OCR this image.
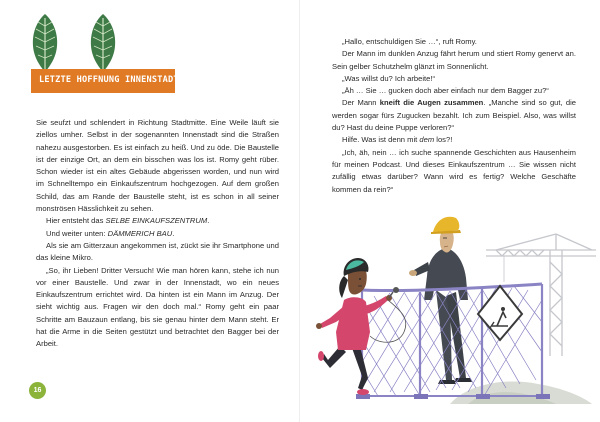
LETZTE HOFFNUNG INNENSTADT

Sie seufzt und schlendert in Richtung Stadtmitte. Eine Weile läuft sie ziellos umher. Selbst in der sogenannten Innenstadt sind die Straßen nahezu ausgestorben. Es ist einfach zu heiß. Und zu öde. Die Baustelle ist der einzige Ort, an dem ein bisschen was los ist. Romy geht rüber. Schon wieder ist ein altes Gebäude abgerissen worden, und nun wird im Schnelltempo ein Einkaufszentrum hochgezogen. Auf dem großen Schild, das am Rande der Baustelle steht, ist es schon in all seiner monströsen Hässlichkeit zu sehen.

Hier entsteht das SELBE EINKAUFSZENTRUM.

Und weiter unten: DÄMMERICH BAU.

Als sie am Gitterzaun angekommen ist, zückt sie ihr Smartphone und das kleine Mikro.

„So, ihr Lieben! Dritter Versuch! Wie man hören kann, stehe ich nun vor einer Baustelle. Und zwar in der Innenstadt, wo ein neues Einkaufszentrum errichtet wird. Da hinten ist ein Mann im Anzug. Der sieht wichtig aus. Fragen wir den doch mal.“ Romy geht ein paar Schritte am Bauzaun entlang, bis sie genau hinter dem Mann steht. Er hat die Arme in die Seiten gestützt und betrachtet den Bagger bei der Arbeit.

16

„Hallo, entschuldigen Sie …“, ruft Romy.

Der Mann im dunklen Anzug fährt herum und stiert Romy genervt an. Sein gelber Schutzhelm glänzt im Sonnenlicht.

„Was willst du? Ich arbeite!“

„Äh … Sie … gucken doch aber einfach nur dem Bagger zu?“

Der Mann kneift die Augen zusammen. „Manche sind so gut, die werden sogar fürs Zugucken bezahlt. Ich zum Beispiel. Also, was willst du? Hast du deine Puppe verloren?“

Hilfe. Was ist denn mit dem los?!

„Ich, äh, nein … ich suche spannende Geschichten aus Hausenheim für meinen Podcast. Und dieses Einkaufszentrum … Sie wissen nicht zufällig etwas darüber? Wann wird es fertig? Welche Geschäfte kommen da rein?“
